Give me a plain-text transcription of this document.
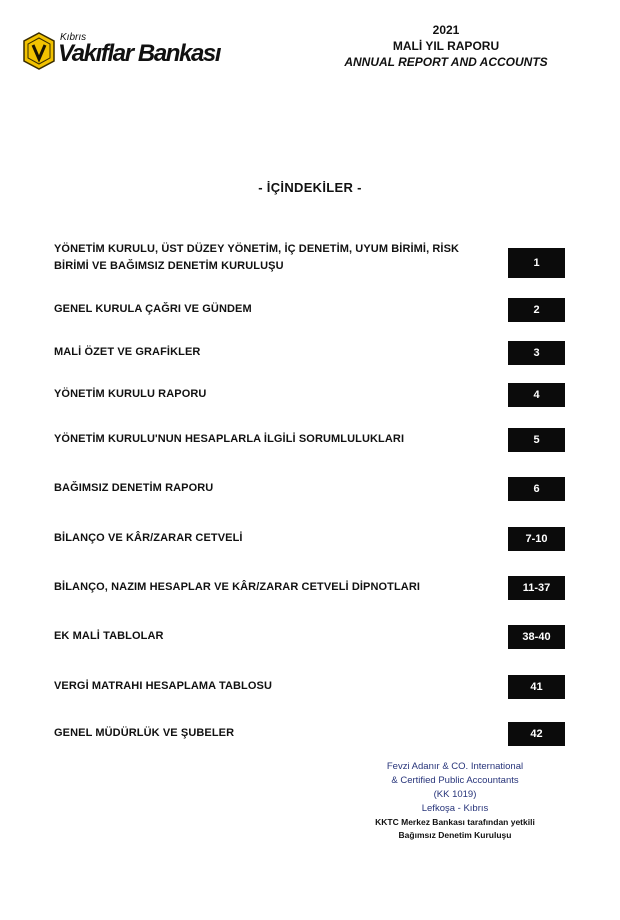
Kıbrıs
Vakıflar Bankası
2021
MALİ YIL RAPORU
ANNUAL REPORT AND ACCOUNTS
- İÇİNDEKİLER -
YÖNETİM KURULU, ÜST DÜZEY YÖNETİM, İÇ DENETİM, UYUM BİRİMİ, RİSK BİRİMİ VE BAĞIMSIZ DENETİM KURULUŞU	1
GENEL KURULA ÇAĞRI VE GÜNDEM	2
MALİ ÖZET VE GRAFİKLER	3
YÖNETİM KURULU RAPORU	4
YÖNETİM KURULU'NUN HESAPLARLA İLGİLİ SORUMLULUKLARI	5
BAĞIMSIZ DENETİM RAPORU	6
BİLANÇO VE KÂR/ZARAR CETVELİ	7-10
BİLANÇO, NAZIM HESAPLAR VE KÂR/ZARAR CETVELİ DİPNOTLARI	11-37
EK MALİ TABLOLAR	38-40
VERGİ MATRAHI HESAPLAMA TABLOSU	41
GENEL MÜDÜRLÜK VE ŞUBELER	42
Fevzi Adanır & CO. International
& Certified Public Accountants
(KK 1019)
Lefkoşa - Kıbrıs
KKTC Merkez Bankası tarafından yetkili
Bağımsız Denetim Kuruluşu
